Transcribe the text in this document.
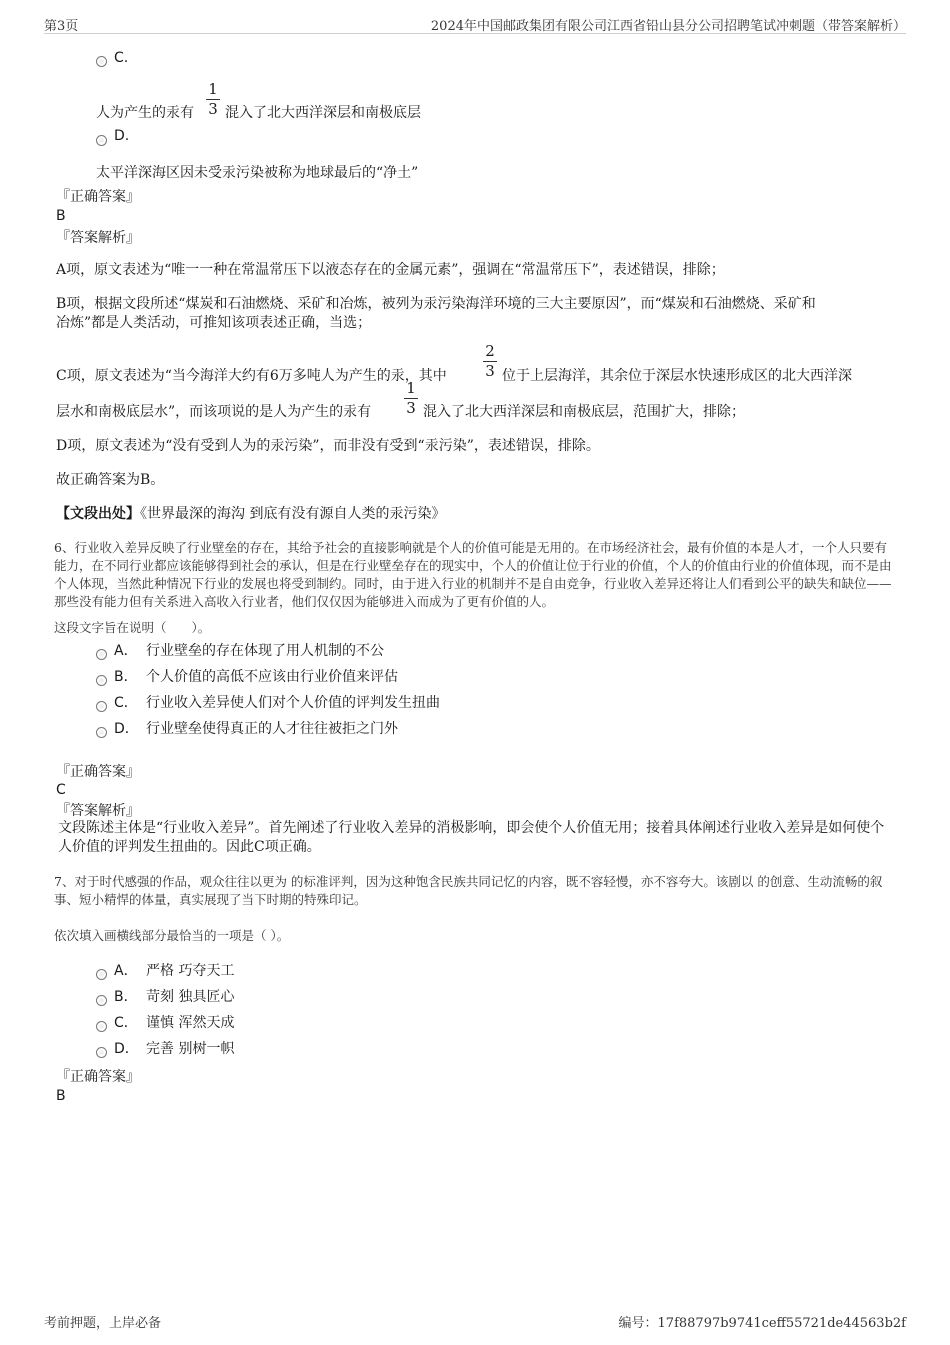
第3页	2024年中国邮政集团有限公司江西省铅山县分公司招聘笔试冲刺题（带答案解析）
C.
人为产生的汞有
1
3 混入了北大西洋深层和南极底层
D.
太平洋深海区因未受汞污染被称为地球最后的“净土”
『正确答案』
B
『答案解析』
A项，原文表述为“唯一一种在常温常压下以液态存在的金属元素”，强调在“常温常压下”，表述错误，排除；
B项，根据文段所述“煤炭和石油燃烧、采矿和冶炼，被列为汞污染海洋环境的三大主要原因”，而“煤炭和石油燃烧、采矿和
冶炼”都是人类活动，可推知该项表述正确，当选；
C项，原文表述为“当今海洋大约有6万多吨人为产生的汞，其中
2
3 位于上层海洋，其余位于深层水快速形成区的北大西洋深
层水和南极底层水”，而该项说的是人为产生的汞有
1
3 混入了北大西洋深层和南极底层，范围扩大，排除；
D项，原文表述为“没有受到人为的汞污染”，而非没有受到“汞污染”，表述错误，排除。
故正确答案为B。
【文段出处】《世界最深的海沟 到底有没有源自人类的汞污染》
6、行业收入差异反映了行业壁垒的存在，其给予社会的直接影响就是个人的价值可能是无用的。在市场经济社会，最有价值的本是人才，一个人只要有能力，在不同行业都应该能够得到社会的承认，但是在行业壁垒存在的现实中，个人的价值让位于行业的价值，个人的价值由行业的价值体现，而不是由个人体现，当然此种情况下行业的发展也将受到制约。同时，由于进入行业的机制并不是自由竞争，行业收入差异还将让人们看到公平的缺失和缺位——那些没有能力但有关系进入高收入行业者，他们仅仅因为能够进入而成为了更有价值的人。
这段文字旨在说明（　　）。
A． 行业壁垒的存在体现了用人机制的不公
B． 个人价值的高低不应该由行业价值来评估
C． 行业收入差异使人们对个人价值的评判发生扭曲
D． 行业壁垒使得真正的人才往往被拒之门外
『正确答案』
C
『答案解析』
文段陈述主体是“行业收入差异”。首先阐述了行业收入差异的消极影响，即会使个人价值无用；接着具体阐述行业收入差异是如何使个人价值的评判发生扭曲的。因此C项正确。
7、对于时代感强的作品，观众往往以更为 的标准评判，因为这种饱含民族共同记忆的内容，既不容轻慢，亦不容夸大。该剧以 的创意、生动流畅的叙事、短小精悍的体量，真实展现了当下时期的特殊印记。
依次填入画横线部分最恰当的一项是（ ）。
A． 严格 巧夺天工
B． 苛刻 独具匠心
C． 谨慎 浑然天成
D． 完善 别树一帜
『正确答案』
B
考前押题，上岸必备	编号：17f88797b9741ceff55721de44563b2f
